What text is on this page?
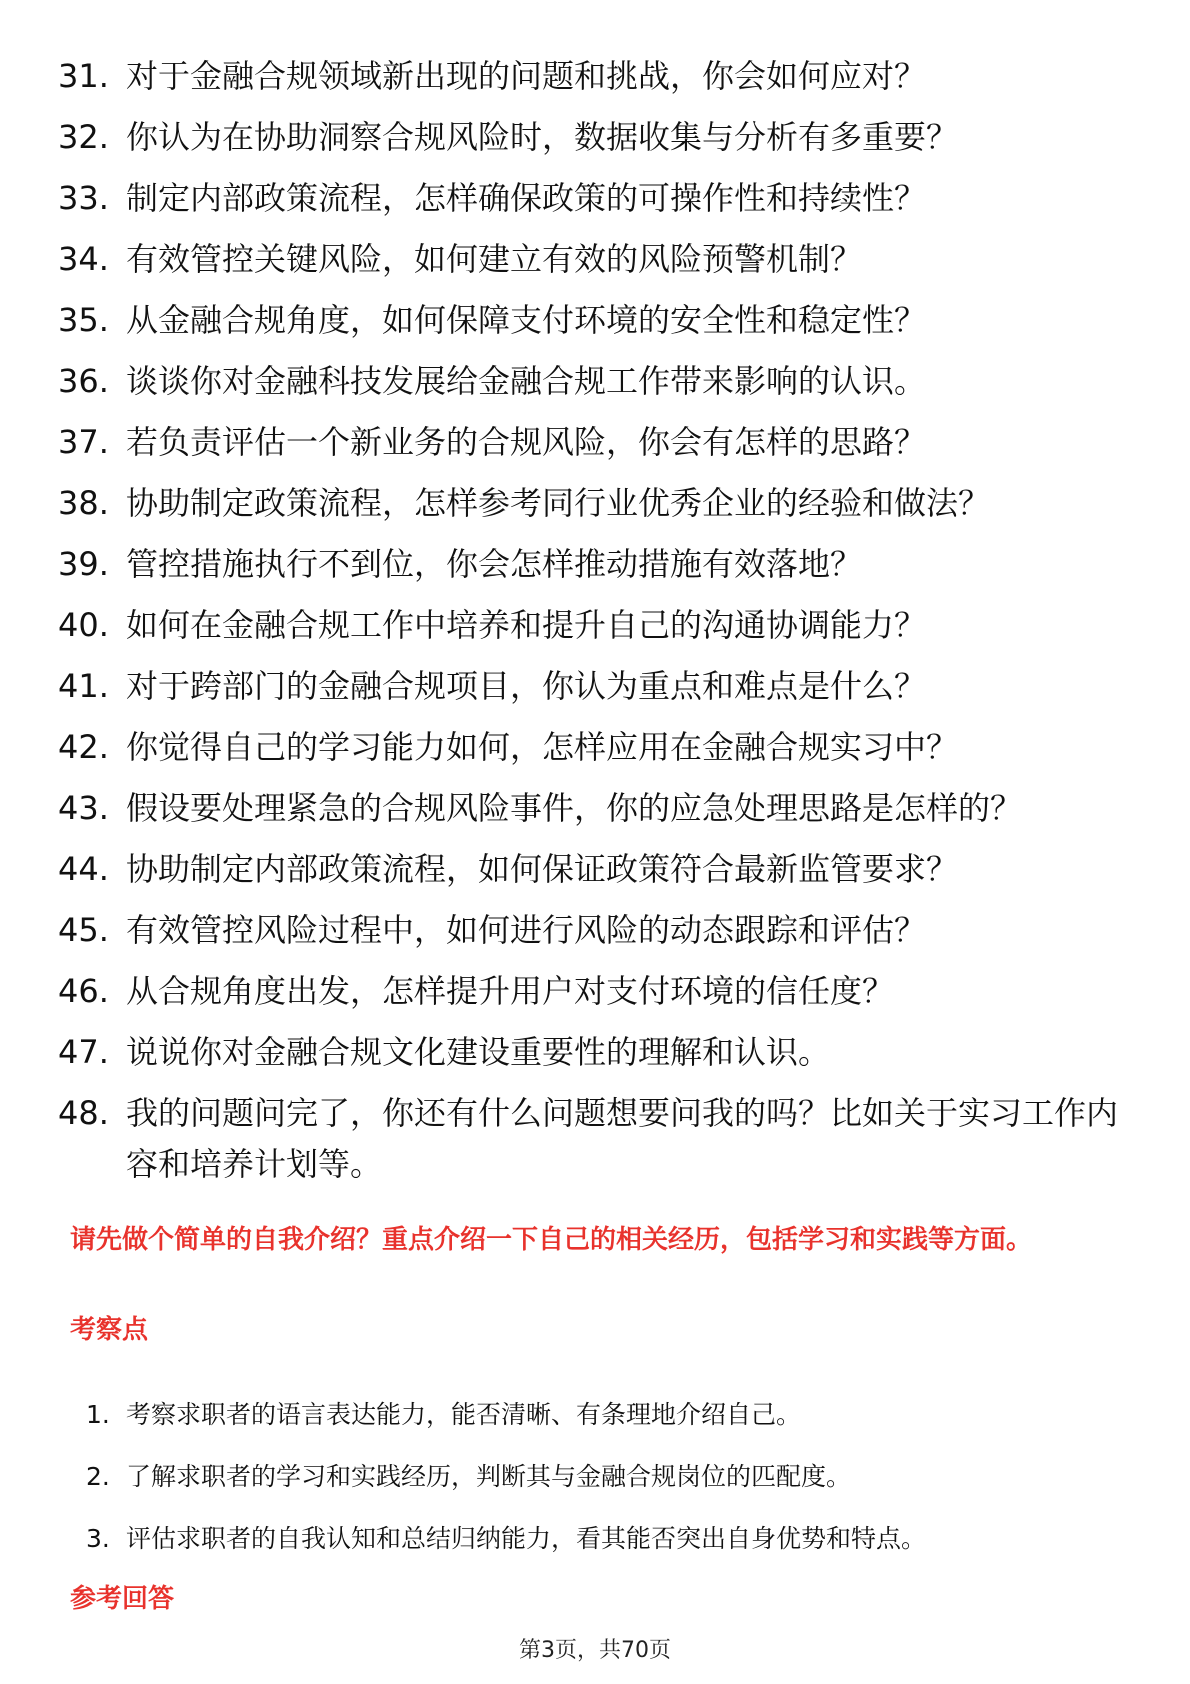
31. 对于金融合规领域新出现的问题和挑战，你会如何应对？
32. 你认为在协助洞察合规风险时，数据收集与分析有多重要？
33. 制定内部政策流程，怎样确保政策的可操作性和持续性？
34. 有效管控关键风险，如何建立有效的风险预警机制？
35. 从金融合规角度，如何保障支付环境的安全性和稳定性？
36. 谈谈你对金融科技发展给金融合规工作带来影响的认识。
37. 若负责评估一个新业务的合规风险，你会有怎样的思路？
38. 协助制定政策流程，怎样参考同行业优秀企业的经验和做法？
39. 管控措施执行不到位，你会怎样推动措施有效落地？
40. 如何在金融合规工作中培养和提升自己的沟通协调能力？
41. 对于跨部门的金融合规项目，你认为重点和难点是什么？
42. 你觉得自己的学习能力如何，怎样应用在金融合规实习中？
43. 假设要处理紧急的合规风险事件，你的应急处理思路是怎样的？
44. 协助制定内部政策流程，如何保证政策符合最新监管要求？
45. 有效管控风险过程中，如何进行风险的动态跟踪和评估？
46. 从合规角度出发，怎样提升用户对支付环境的信任度？
47. 说说你对金融合规文化建设重要性的理解和认识。
48. 我的问题问完了，你还有什么问题想要问我的吗？比如关于实习工作内容和培养计划等。

请先做个简单的自我介绍？重点介绍一下自己的相关经历，包括学习和实践等方面。

考察点
1. 考察求职者的语言表达能力，能否清晰、有条理地介绍自己。
2. 了解求职者的学习和实践经历，判断其与金融合规岗位的匹配度。
3. 评估求职者的自我认知和总结归纳能力，看其能否突出自身优势和特点。
参考回答
第3页，共70页
